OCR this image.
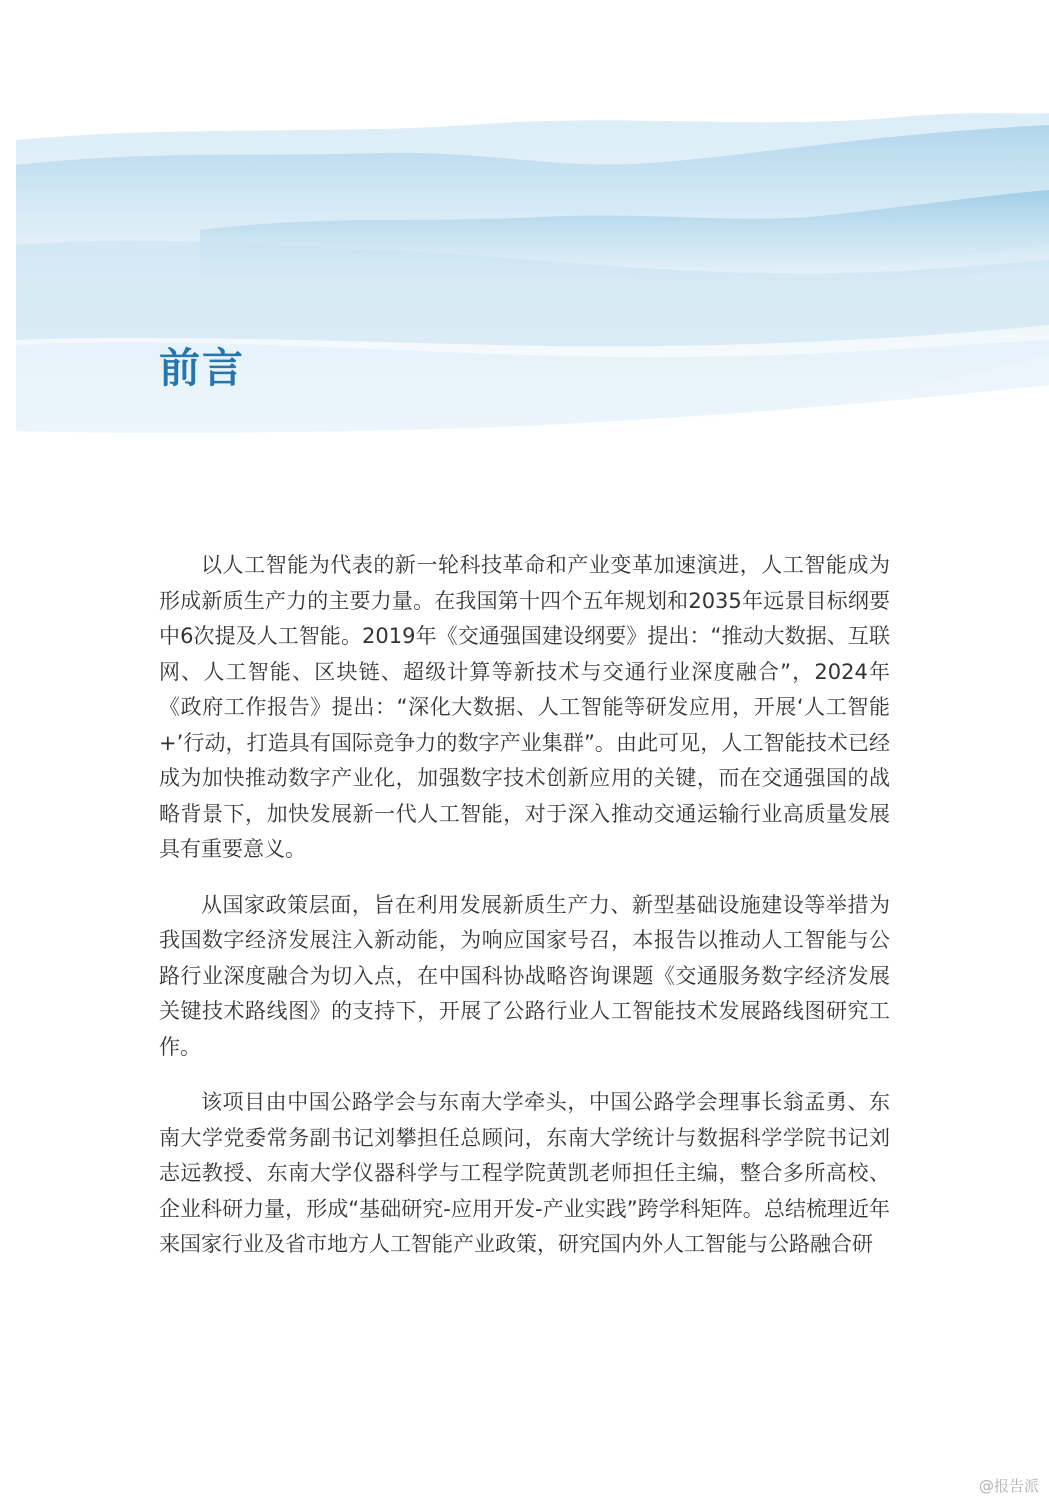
前言

以人工智能为代表的新一轮科技革命和产业变革加速演进，人工智能成为形成新质生产力的主要力量。在我国第十四个五年规划和2035年远景目标纲要中6次提及人工智能。2019年《交通强国建设纲要》提出：“推动大数据、互联网、人工智能、区块链、超级计算等新技术与交通行业深度融合”，2024年《政府工作报告》提出：“深化大数据、人工智能等研发应用，开展‘人工智能+’行动，打造具有国际竞争力的数字产业集群”。由此可见，人工智能技术已经成为加快推动数字产业化，加强数字技术创新应用的关键，而在交通强国的战略背景下，加快发展新一代人工智能，对于深入推动交通运输行业高质量发展具有重要意义。

从国家政策层面，旨在利用发展新质生产力、新型基础设施建设等举措为我国数字经济发展注入新动能，为响应国家号召，本报告以推动人工智能与公路行业深度融合为切入点，在中国科协战略咨询课题《交通服务数字经济发展关键技术路线图》的支持下，开展了公路行业人工智能技术发展路线图研究工作。

该项目由中国公路学会与东南大学牵头，中国公路学会理事长翁孟勇、东南大学党委常务副书记刘攀担任总顾问，东南大学统计与数据科学学院书记刘志远教授、东南大学仪器科学与工程学院黄凯老师担任主编，整合多所高校、企业科研力量，形成“基础研究-应用开发-产业实践”跨学科矩阵。总结梳理近年来国家行业及省市地方人工智能产业政策，研究国内外人工智能与公路融合研

@报告派
